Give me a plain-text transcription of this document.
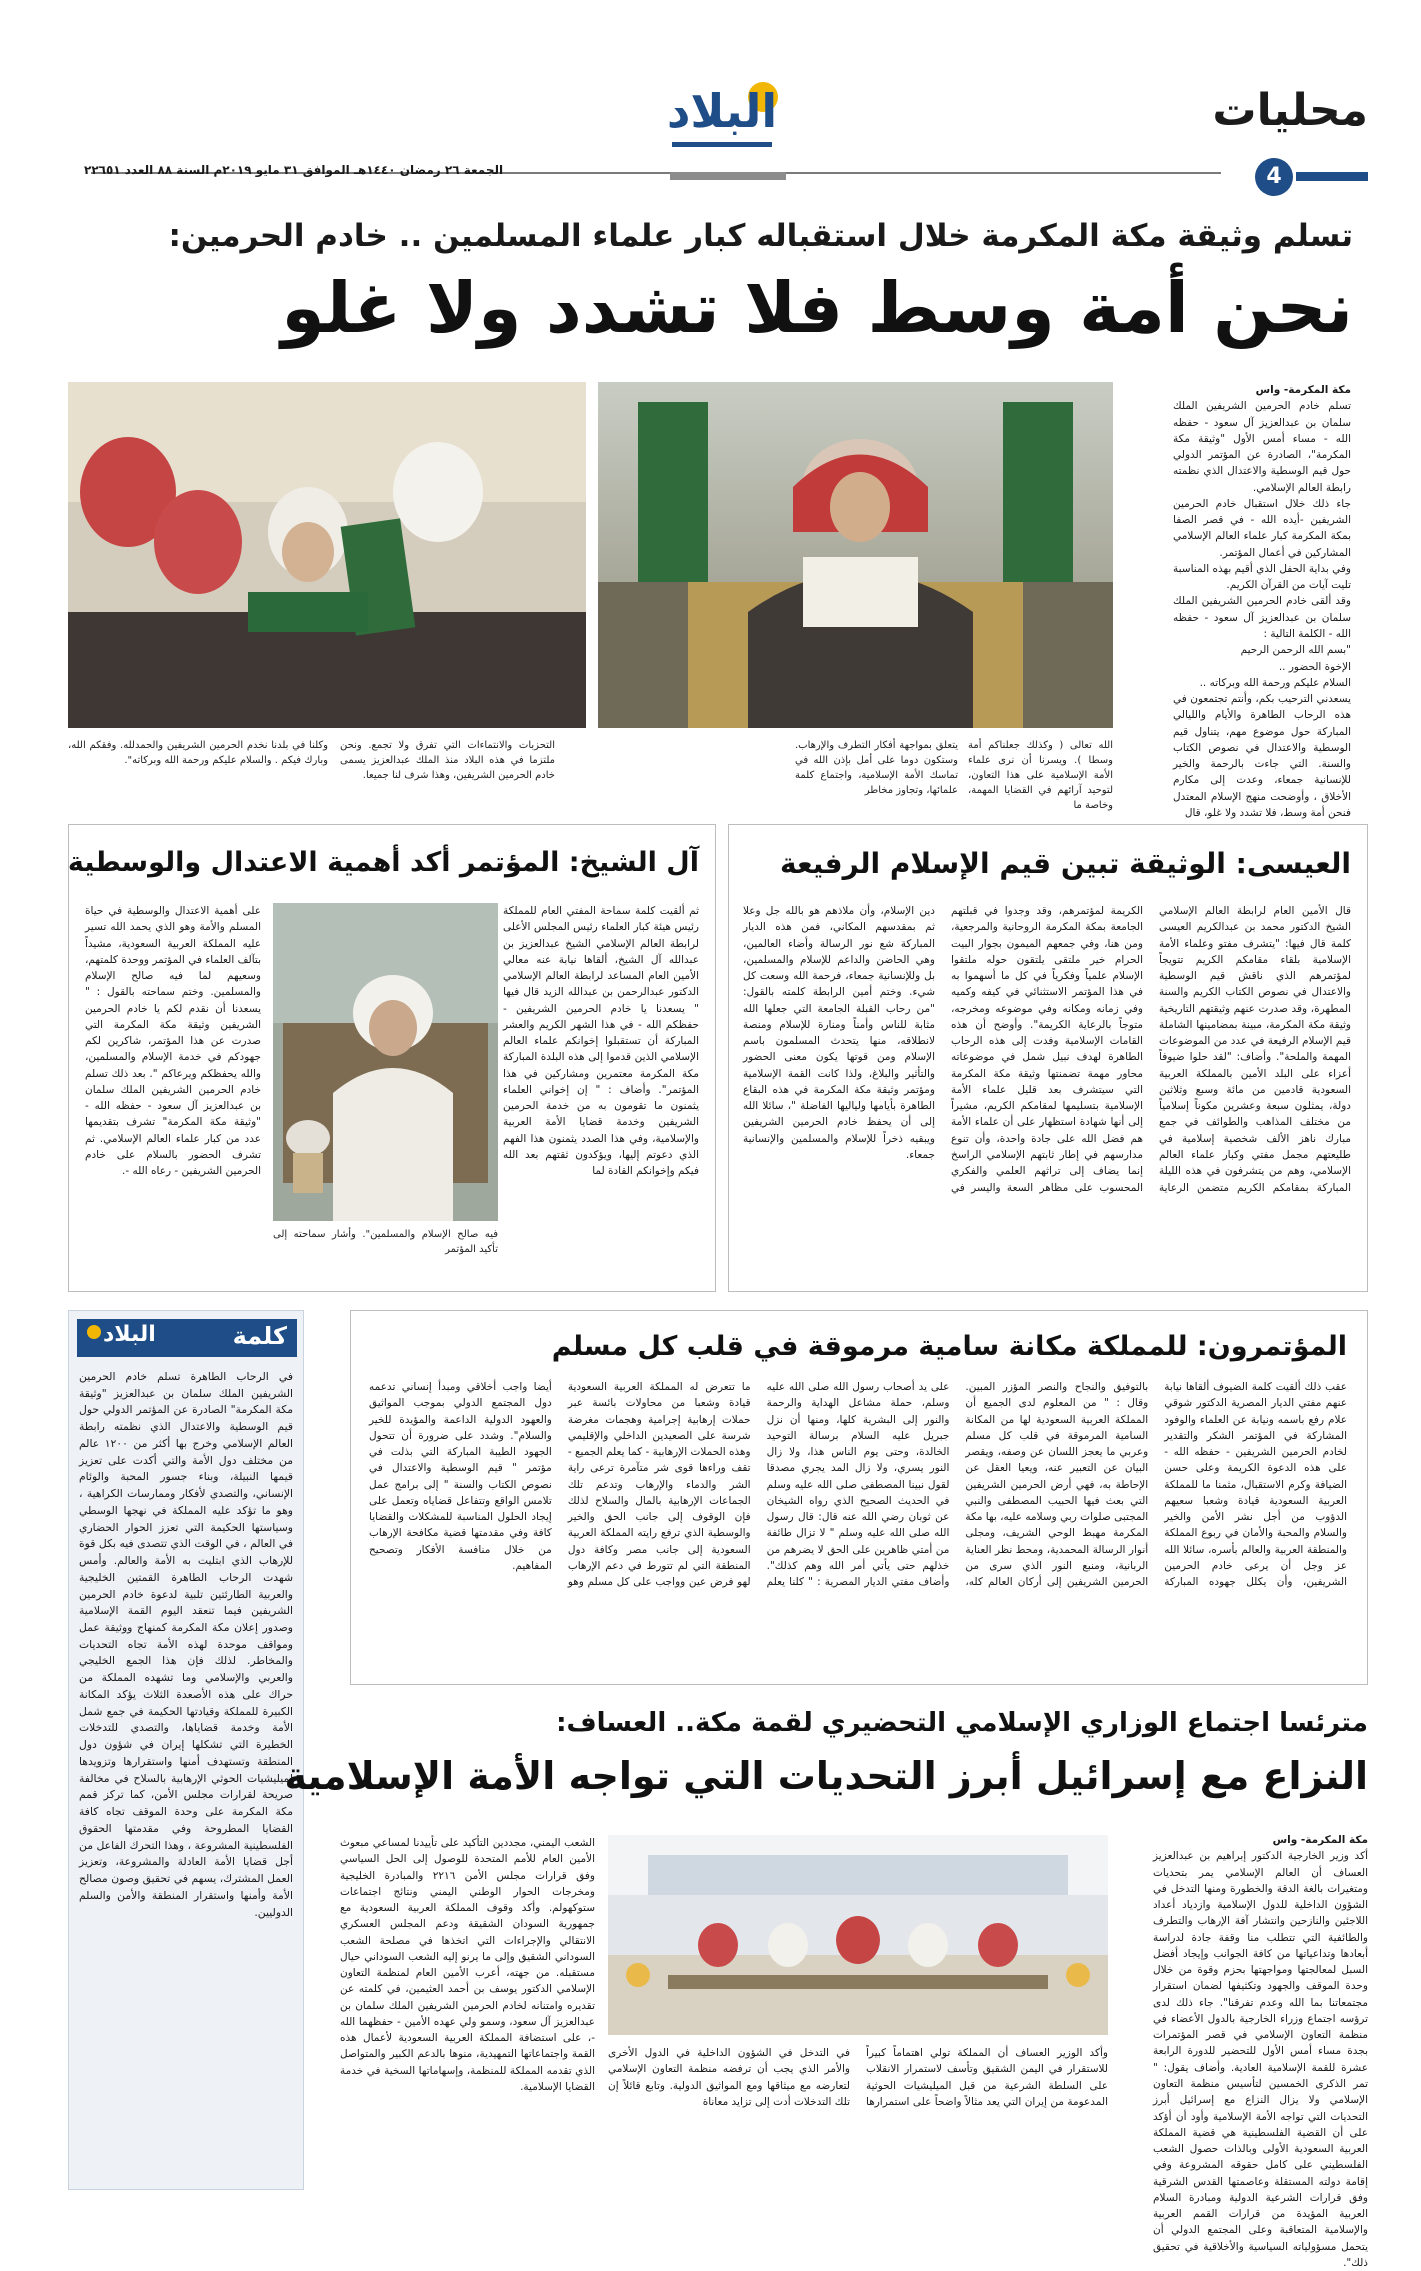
محليات
4
البلاد
الجمعة ٢٦ رمضان ١٤٤٠هـ الموافق ٣١ مايو ٢٠١٩م السنة ٨٨ العدد ٢٢٦٥١
تسلم وثيقة مكة المكرمة خلال استقباله كبار علماء المسلمين .. خادم الحرمين:
نحن أمة وسط فلا تشدد ولا غلو
مكة المكرمة- واس
تسلم خادم الحرمين الشريفين الملك سلمان بن عبدالعزيز آل سعود - حفظه الله - مساء أمس الأول "وثيقة مكة المكرمة"، الصادرة عن المؤتمر الدولي حول قيم الوسطية والاعتدال الذي نظمته رابطة العالم الإسلامي.
جاء ذلك خلال استقبال خادم الحرمين الشريفين -أيده الله - في قصر الصفا بمكة المكرمة كبار علماء العالم الإسلامي المشاركين في أعمال المؤتمر.
وفي بداية الحفل الذي أقيم بهذه المناسبة تليت آيات من القرآن الكريم.
وقد ألقى خادم الحرمين الشريفين الملك سلمان بن عبدالعزيز آل سعود - حفظه الله - الكلمة التالية :
"بسم الله الرحمن الرحيم
الإخوة الحضور ..
السلام عليكم ورحمة الله وبركاته ..
يسعدني الترحيب بكم، وأنتم تجتمعون في هذه الرحاب الطاهرة والأيام والليالي المباركة حول موضوع مهم، يتناول قيم الوسطية والاعتدال في نصوص الكتاب والسنة. التي جاءت بالرحمة والخير للإنسانية جمعاء، وعدت إلى مكارم الأخلاق ، وأوضحت منهج الإسلام المعتدل فنحن أمة وسط، فلا تشدد ولا غلو، قال
الله تعالى ( وكذلك جعلناكم أمة وسطا ). ويسرنا أن نرى علماء الأمة الإسلامية على هذا التعاون، لتوحيد آرائهم في القضايا المهمة، وخاصة ما
يتعلق بمواجهة أفكار التطرف والإرهاب. وستكون دوما على أمل بإذن الله في تماسك الأمة الإسلامية، واجتماع كلمة علمائها، وتجاوز مخاطر
التحزبات والانتماءات التي تفرق ولا تجمع. ونحن ملتزما في هذه البلاد منذ الملك عبدالعزيز يسمى خادم الحرمين الشريفين، وهذا شرف لنا جميعا.
وكلنا في بلدنا نخدم الحرمين الشريفين والحمدلله. وفقكم الله، وبارك فيكم . والسلام عليكم ورحمة الله وبركاته".
العيسى: الوثيقة تبين قيم الإسلام الرفيعة
قال الأمين العام لرابطة العالم الإسلامي الشيخ الدكتور محمد بن عبدالكريم العيسى كلمة قال فيها: "يتشرف مفتو وعلماء الأمة الإسلامية بلقاء مقامكم الكريم تتويجاً لمؤتمرهم الذي ناقش قيم الوسطية والاعتدال في نصوص الكتاب الكريم والسنة المطهرة، وقد صدرت عنهم وثيقتهم التاريخية وثيقة مكة المكرمة، مبينة بمضامينها الشاملة قيم الإسلام الرفيعة في عدد من الموضوعات المهمة والملحة". وأضاف: "لقد حلوا ضيوفاً أعزاء على البلد الأمين بالمملكة العربية السعودية قادمين من مائة وسبع وثلاثين دولة، يمثلون سبعة وعشرين مكوناً إسلامياً من مختلف المذاهب والطوائف في جمع مبارك ناهز الألف شخصية إسلامية في طليعتهم مجمل مفتي وكبار علماء العالم الإسلامي، وهم من يتشرفون في هذه الليلة المباركة بمقامكم الكريم متضمن الرعاية الكريمة لمؤتمرهم، وقد وجدوا في قبلتهم الجامعة بمكة المكرمة الروحانية والمرجعية، ومن هنا، وفي جمعهم الميمون بجوار البيت الحرام خير ملتقى يلتقون حوله ملتقوا الإسلام علمياً وفكرياً في كل ما أسهموا به في هذا المؤتمر الاستثنائي في كيفه وكميه وفي زمانه ومكانه وفي موضوعه ومخرجه، متوجاً بالرعاية الكريمة". وأوضح أن هذه القامات الإسلامية وفدت إلى هذه الرحاب الطاهرة لهدف نبيل شمل في موضوعاته محاور مهمة تضمنتها وثيقة مكة المكرمة التي سيتشرف بعد قليل علماء الأمة الإسلامية بتسليمها لمقامكم الكريم، مشيراً إلى أنها شهادة استظهار على أن علماء الأمة هم فضل الله على جادة واحدة، وأن تنوع مدارسهم في إطار ثابتهم الإسلامي الراسخ إنما يضاف إلى تراثهم العلمي والفكري المحسوب على مظاهر السعة واليسر في دين الإسلام، وأن ملاذهم هو بالله جل وعلا ثم بمقدسهم المكاني، فمن هذه الديار المباركة شع نور الرسالة وأضاء العالمين، وهي الحاضن والداعم للإسلام والمسلمين، بل وللإنسانية جمعاء، فرحمة الله وسعت كل شيء. وختم أمين الرابطة كلمته بالقول: "من رحاب القبلة الجامعة التي جعلها الله مثابة للناس وأمناً ومنارة للإسلام ومنصة لانطلاقه، منها يتحدث المسلمون باسم الإسلام ومن قوتها يكون معنى الحضور والتأثير والبلاغ، ولذا كانت القمة الإسلامية ومؤتمر وثيقة مكة المكرمة في هذه البقاع الطاهرة بأيامها ولياليها الفاضلة "، سائلا الله إلى أن يحفظ خادم الحرمين الشريفين ويبقيه ذخراً للإسلام والمسلمين والإنسانية جمعاء.
آل الشيخ: المؤتمر أكد أهمية الاعتدال والوسطية
ثم ألقيت كلمة سماحة المفتي العام للمملكة رئيس هيئة كبار العلماء رئيس المجلس الأعلى لرابطة العالم الإسلامي الشيخ عبدالعزيز بن عبدالله آل الشيخ، ألقاها نيابة عنه معالي الأمين العام المساعد لرابطة العالم الإسلامي الدكتور عبدالرحمن بن عبدالله الزيد قال فيها " يسعدنا يا خادم الحرمين الشريفين - حفظكم الله - في هذا الشهر الكريم والعشر المباركة أن تستقبلوا إخوانكم علماء العالم الإسلامي الذين قدموا إلى هذه البلدة المباركة مكة المكرمة معتمرين ومشاركين في هذا المؤتمر". وأضاف : " إن إخواني العلماء يثمنون ما تقومون به من خدمة الحرمين الشريفين وخدمة قضايا الأمة العربية والإسلامية، وفي هذا الصدد يثمنون هذا الفهم الذي دعوتم إليها، ويؤكدون ثقتهم بعد الله فيكم وإخوانكم القادة لما
فيه صالح الإسلام والمسلمين". وأشار سماحته إلى تأكيد المؤتمر
على أهمية الاعتدال والوسطية في حياة المسلم والأمة وهو الذي يحمد الله تسير عليه المملكة العربية السعودية، مشيداً بتآلف العلماء في المؤتمر ووحدة كلمتهم، وسعيهم لما فيه صالح الإسلام والمسلمين. وختم سماحته بالقول : " يسعدنا أن نقدم لكم يا خادم الحرمين الشريفين وثيقة مكة المكرمة التي صدرت عن هذا المؤتمر، شاكرين لكم جهودكم في خدمة الإسلام والمسلمين، والله يحفظكم ويرعاكم ". بعد ذلك تسلم خادم الحرمين الشريفين الملك سلمان بن عبدالعزيز آل سعود - حفظه الله - "وثيقة مكة المكرمة" تشرف بتقديمها عدد من كبار علماء العالم الإسلامي. ثم تشرف الحضور بالسلام على خادم الحرمين الشريفين - رعاه الله -.
كلمة
البلاد
في الرحاب الطاهرة تسلم خادم الحرمين الشريفين الملك سلمان بن عبدالعزيز "وثيقة مكة المكرمة" الصادرة عن المؤتمر الدولي حول قيم الوسطية والاعتدال الذي نظمته رابطة العالم الإسلامي وخرج بها أكثر من ١٢٠٠ عالم من مختلف دول الأمة والتي أكدت على تعزيز قيمها النبيلة، وبناء جسور المحبة والوئام الإنساني، والتصدي لأفكار وممارسات الكراهية ، وهو ما تؤكد عليه المملكة في نهجها الوسطي وسياستها الحكيمة التي تعزز الحوار الحضاري في العالم ، في الوقت الذي تتصدى فيه بكل قوة للإرهاب الذي ابتليت به الأمة والعالم. وأمس شهدت الرحاب الطاهرة القمتين الخليجية والعربية الطارئتين تلبية لدعوة خادم الحرمين الشريفين فيما تنعقد اليوم القمة الإسلامية وصدور إعلان مكة المكرمة كمنهاج ووثيقة عمل ومواقف موحدة لهذه الأمة تجاه التحديات والمخاطر. لذلك فإن هذا الجمع الخليجي والعربي والإسلامي وما تشهده المملكة من حراك على هذه الأصعدة الثلاث يؤكد المكانة الكبيرة للمملكة وقيادتها الحكيمة في جمع شمل الأمة وخدمة قضاياها، والتصدي للتدخلات الخطيرة التي تشكلها إيران في شؤون دول المنطقة وتستهدف أمنها واستقرارها وتزويدها لميليشيات الحوثي الإرهابية بالسلاح في مخالفة صريحة لقرارات مجلس الأمن، كما تركز قمم مكة المكرمة على وحدة الموقف تجاه كافة القضايا المطروحة وفي مقدمتها الحقوق الفلسطينية المشروعة ، وهذا التحرك الفاعل من أجل قضايا الأمة العادلة والمشروعة، وتعزيز العمل المشترك، يسهم في تحقيق وصون مصالح الأمة وأمنها واستقرار المنطقة والأمن والسلم الدوليين.
المؤتمرون: للمملكة مكانة سامية مرموقة في قلب كل مسلم
عقب ذلك ألقيت كلمة الضيوف ألقاها نيابة عنهم مفتي الديار المصرية الدكتور شوقي علام رفع باسمه ونيابة عن العلماء والوفود المشاركة في المؤتمر الشكر والتقدير لخادم الحرمين الشريفين - حفظه الله - على هذه الدعوة الكريمة وعلى حسن الضيافة وكرم الاستقبال، مثمنا ما للمملكة العربية السعودية قيادة وشعبا سعيهم الدؤوب من أجل نشر الأمن والخير والسلام والمحبة والأمان في ربوع المملكة والمنطقة العربية والعالم بأسره، سائلا الله عز وجل أن يرعى خادم الحرمين الشريفين، وأن يكلل جهوده المباركة بالتوفيق والنجاح والنصر المؤزر المبين. وقال : " من المعلوم لدى الجميع أن المملكة العربية السعودية لها من المكانة السامية المرموقة في قلب كل مسلم وعربي ما يعجز اللسان عن وصفه، ويقصر البيان عن التعبير عنه، ويعيا العقل عن الإحاطة به، فهي أرض الحرمين الشريفين التي بعث فيها الحبيب المصطفى والنبي المجتبى صلوات ربي وسلامه عليه، بها مكة المكرمة مهبط الوحي الشريف، ومجلى أنوار الرسالة المحمدية، ومحط نظر العناية الربانية، ومنبع النور الذي سرى من الحرمين الشريفين إلى أركان العالم كله، على يد أصحاب رسول الله صلى الله عليه وسلم، حملة مشاعل الهداية والرحمة والنور إلى البشرية كلها، ومنها أن نزل جبريل عليه السلام برسالة التوحيد الخالدة، وحتى يوم الناس هذا، ولا زال النور يسري، ولا زال المد يجري مصدقا لقول نبينا المصطفى صلى الله عليه وسلم في الحديث الصحيح الذي رواه الشيخان عن ثوبان رضي الله عنه قال: قال رسول الله صلى الله عليه وسلم " لا تزال طائفة من أمتي ظاهرين على الحق لا يضرهم من خذلهم حتى يأتي أمر الله وهم كذلك". وأضاف مفتي الديار المصرية : " كلنا يعلم ما تتعرض له المملكة العربية السعودية قيادة وشعبا من محاولات بائسة عبر حملات إرهابية إجرامية وهجمات مغرضة شرسة على الصعيدين الداخلي والإقليمي وهذه الحملات الإرهابية - كما يعلم الجميع - تقف وراءها قوى شر متآمرة ترعى راية الشر والدماء والإرهاب وتدعم تلك الجماعات الإرهابية بالمال والسلاح لذلك فإن الوقوف إلى جانب الحق والخير والوسطية الذي ترفع رايته المملكة العربية السعودية إلى جانب مصر وكافة دول المنطقة التي لم تتورط في دعم الإرهاب لهو فرض عين وواجب على كل مسلم وهو أيضا واجب أخلاقي ومبدأ إنساني تدعمه دول المجتمع الدولي بموجب المواثيق والعهود الدولية الداعمة والمؤيدة للخير والسلام". وشدد على ضرورة أن تتحول الجهود الطيبة المباركة التي بذلت في مؤتمر " قيم الوسطية والاعتدال في نصوص الكتاب والسنة " إلى برامج عمل تلامس الواقع وتتفاعل قضاياه وتعمل على إيجاد الحلول المناسبة للمشكلات والقضايا كافة وفي مقدمتها قضية مكافحة الإرهاب من خلال منافسة الأفكار وتصحيح المفاهيم.
مترئسا اجتماع الوزاري الإسلامي التحضيري لقمة مكة.. العساف:
النزاع مع إسرائيل أبرز التحديات التي تواجه الأمة الإسلامية
مكة المكرمة- واس
أكد وزير الخارجية الدكتور إبراهيم بن عبدالعزيز العساف أن العالم الإسلامي يمر بتحديات ومتغيرات بالغة الدقة والخطورة ومنها التدخل في الشؤون الداخلية للدول الإسلامية وازدياد أعداد اللاجئين والنازحين وانتشار آفة الإرهاب والتطرف والطائفية التي تتطلب منا وقفة جادة لدراسة أبعادها وتداعياتها من كافة الجوانب وإيجاد أفضل السبل لمعالجتها ومواجهتها بحزم وقوة من خلال وحدة الموقف والجهود وتكثيفها لضمان استقرار مجتمعاتنا بما الله وعدم تفرقنا". جاء ذلك لدى ترؤسه اجتماع وزراء الخارجية بالدول الأعضاء في منظمة التعاون الإسلامي في قصر المؤتمرات بجدة مساء أمس الأول للتحضير للدورة الرابعة عشرة للقمة الإسلامية العادية. وأضاف يقول: " تمر الذكرى الخمسين لتأسيس منظمة التعاون الإسلامي ولا يزال النزاع مع إسرائيل أبرز التحديات التي تواجه الأمة الإسلامية وأود أن أؤكد على أن القضية الفلسطينية هي قضية المملكة العربية السعودية الأولى وبالذات حصول الشعب الفلسطيني على كامل حقوقه المشروعة وفي إقامة دولته المستقلة وعاصمتها القدس الشرقية وفق قرارات الشرعية الدولية ومبادرة السلام العربية المؤيدة من قرارات القمم العربية والإسلامية المتعاقبة وعلى المجتمع الدولي أن يتحمل مسؤولياته السياسية والأخلاقية في تحقيق ذلك".
وأكد الوزير العساف أن المملكة تولي اهتماماً كبيراً للاستقرار في اليمن الشقيق وتأسف لاستمرار الانقلاب على السلطة الشرعية من قبل الميليشيات الحوثية المدعومة من إيران التي يعد مثالاً واضحاً على استمرارها في التدخل في الشؤون الداخلية في الدول الأخرى والأمر الذي يجب أن ترفضه منظمة التعاون الإسلامي لتعارضه مع ميثاقها ومع المواثيق الدولية. وتابع قائلاً إن تلك التدخلات أدت إلى تزايد معاناة
الشعب اليمني، مجددين التأكيد على تأييدنا لمساعي مبعوث الأمين العام للأمم المتحدة للوصول إلى الحل السياسي وفق قرارات مجلس الأمن ٢٢١٦ والمبادرة الخليجية ومخرجات الحوار الوطني اليمني ونتائج اجتماعات ستوكهولم. وأكد وقوف المملكة العربية السعودية مع جمهورية السودان الشقيقة ودعم المجلس العسكري الانتقالي والإجراءات التي اتخذها في مصلحة الشعب السوداني الشقيق وإلى ما يرنو إليه الشعب السوداني حيال مستقبله. من جهته، أعرب الأمين العام لمنظمة التعاون الإسلامي الدكتور يوسف بن أحمد العثيمين، في كلمته عن تقديره وامتنانه لخادم الحرمين الشريفين الملك سلمان بن عبدالعزيز آل سعود، وسمو ولي عهده الأمين - حفظهما الله -، على استضافة المملكة العربية السعودية لأعمال هذه القمة واجتماعاتها التمهيدية، منوها بالدعم الكبير والمتواصل الذي تقدمه المملكة للمنظمة، وإسهاماتها السخية في خدمة القضايا الإسلامية.
